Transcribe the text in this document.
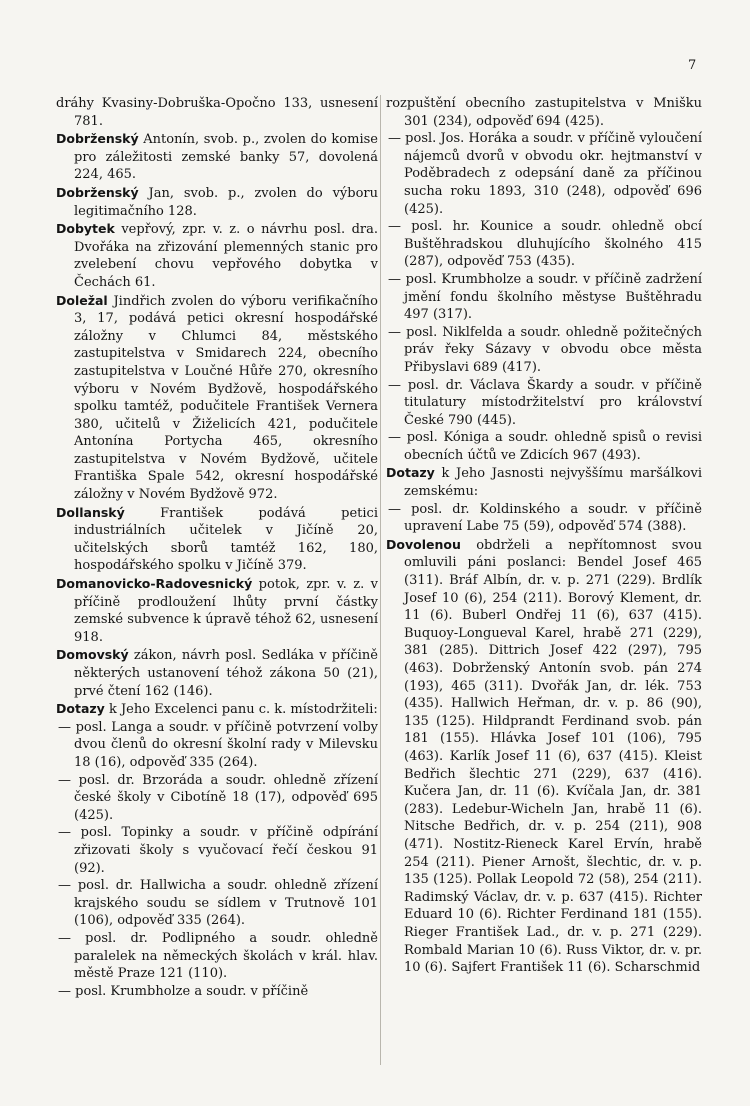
7

dráhy Kvasiny-Dobruška-Opočno 133, usnesení 781.

Dobrženský Antonín, svob. p., zvolen do komise pro záležitosti zemské banky 57, dovolená 224, 465.

Dobrženský Jan, svob. p., zvolen do výboru legitimačního 128.

Dobytek vepřový, zpr. v. z. o návrhu posl. dra. Dvořáka na zřizování plemenných stanic pro zvelebení chovu vepřového dobytka v Čechách 61.

Doležal Jindřich zvolen do výboru verifikačního 3, 17, podává petici okresní hospodářské záložny v Chlumci 84, městského zastupitelstva v Smidarech 224, obecního zastupitelstva v Loučné Hůře 270, okresního výboru v Novém Bydžově, hospodářského spolku tamtéž, podučitele František Vernera 380, učitelů v Žiželicích 421, podučitele Antonína Portycha 465, okresního zastupitelstva v Novém Bydžově, učitele Františka Spale 542, okresní hospodářské záložny v Novém Bydžově 972.

Dollanský František podává petici industriálních učitelek v Jičíně 20, učitelských sborů tamtéž 162, 180, hospodářského spolku v Jičíně 379.

Domanovicko-Radovesnický potok, zpr. v. z. v příčině prodloužení lhůty první částky zemské subvence k úpravě téhož 62, usnesení 918.

Domovský zákon, návrh posl. Sedláka v příčině některých ustanovení téhož zákona 50 (21), prvé čtení 162 (146).

Dotazy k Jeho Excelenci panu c. k. místodržiteli:

— posl. Langa a soudr. v příčině potvrzení volby dvou členů do okresní školní rady v Milevsku 18 (16), odpověď 335 (264).

— posl. dr. Brzoráda a soudr. ohledně zřízení české školy v Cibotíně 18 (17), odpověď 695 (425).

— posl. Topinky a soudr. v příčině odpírání zřizovati školy s vyučovací řečí českou 91 (92).

— posl. dr. Hallwicha a soudr. ohledně zřízení krajského soudu se sídlem v Trutnově 101 (106), odpověď 335 (264).

— posl. dr. Podlipného a soudr. ohledně paralelek na německých školách v král. hlav. městě Praze 121 (110).

— posl. Krumbholze a soudr. v příčině

rozpuštění obecního zastupitelstva v Mnišku 301 (234), odpověď 694 (425).

— posl. Jos. Horáka a soudr. v příčině vyloučení nájemců dvorů v obvodu okr. hejtmanství v Poděbradech z odepsání daně za příčinou sucha roku 1893, 310 (248), odpověď 696 (425).

— posl. hr. Kounice a soudr. ohledně obcí Buštěhradskou dluhujícího školného 415 (287), odpověď 753 (435).

— posl. Krumbholze a soudr. v příčině zadržení jmění fondu školního městyse Buštěhradu 497 (317).

— posl. Niklfelda a soudr. ohledně požitečných práv řeky Sázavy v obvodu obce města Přibyslavi 689 (417).

— posl. dr. Václava Škardy a soudr. v příčině titulatury místodržitelství pro království České 790 (445).

— posl. Kóniga a soudr. ohledně spisů o revisi obecních účtů ve Zdicích 967 (493).

Dotazy k Jeho Jasnosti nejvyššímu maršálkovi zemskému:

— posl. dr. Koldinského a soudr. v příčině upravení Labe 75 (59), odpověď 574 (388).

Dovolenou obdrželi a nepřítomnost svou omluvili páni poslanci: Bendel Josef 465 (311). Bráf Albín, dr. v. p. 271 (229). Brdlík Josef 10 (6), 254 (211). Borový Klement, dr. 11 (6). Buberl Ondřej 11 (6), 637 (415). Buquoy-Longueval Karel, hrabě 271 (229), 381 (285). Dittrich Josef 422 (297), 795 (463). Dobrženský Antonín svob. pán 274 (193), 465 (311). Dvořák Jan, dr. lék. 753 (435). Hallwich Heřman, dr. v. p. 86 (90), 135 (125). Hildprandt Ferdinand svob. pán 181 (155). Hlávka Josef 101 (106), 795 (463). Karlík Josef 11 (6), 637 (415). Kleist Bedřich šlechtic 271 (229), 637 (416). Kučera Jan, dr. 11 (6). Kvíčala Jan, dr. 381 (283). Ledebur-Wicheln Jan, hrabě 11 (6). Nitsche Bedřich, dr. v. p. 254 (211), 908 (471). Nostitz-Rieneck Karel Ervín, hrabě 254 (211). Piener Arnošt, šlechtic, dr. v. p. 135 (125). Pollak Leopold 72 (58), 254 (211). Radimský Václav, dr. v. p. 637 (415). Richter Eduard 10 (6). Richter Ferdinand 181 (155). Rieger František Lad., dr. v. p. 271 (229). Rombald Marian 10 (6). Russ Viktor, dr. v. pr. 10 (6). Sajfert František 11 (6). Scharschmid
